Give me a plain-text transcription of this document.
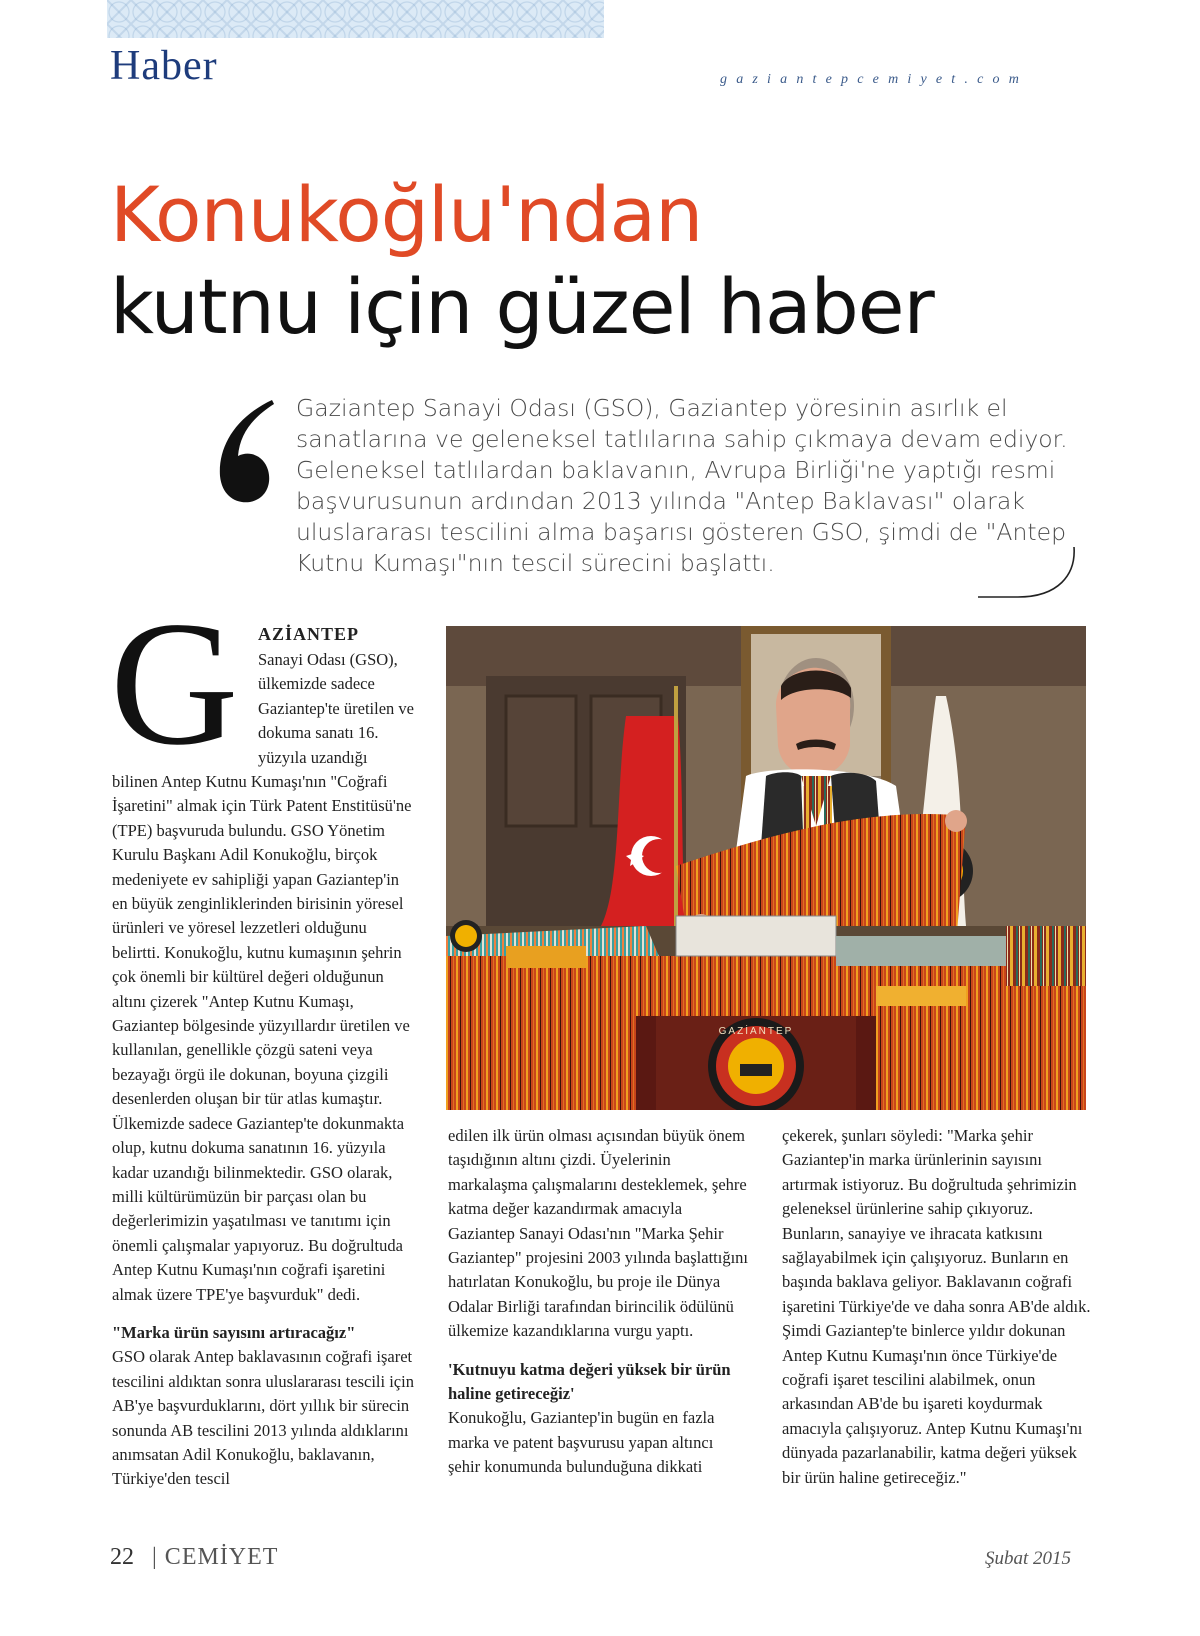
Haber	gaziantepcemiyet.com
Konukoğlu'ndan
kutnu için güzel haber
Gaziantep Sanayi Odası (GSO), Gaziantep yöresinin asırlık el sanatlarına ve geleneksel tatlılarına sahip çıkmaya devam ediyor. Geleneksel tatlılardan baklavanın, Avrupa Birliği'ne yaptığı resmi başvurusunun ardından 2013 yılında "Antep Baklavası" olarak uluslararası tescilini alma başarısı gösteren GSO, şimdi de "Antep Kutnu Kumaşı"nın tescil sürecini başlattı.
G AZİANTEP

Sanayi Odası (GSO), ülkemizde sadece Gaziantep'te üretilen ve dokuma sanatı 16. yüzyıla uzandığı

bilinen Antep Kutnu Kumaşı'nın "Coğrafi İşaretini" almak için Türk Patent Enstitüsü'ne (TPE) başvuruda bulundu. GSO Yönetim Kurulu Başkanı Adil Konukoğlu, birçok medeniyete ev sahipliği yapan Gaziantep'in en büyük zenginliklerinden birisinin yöresel ürünleri ve yöresel lezzetleri olduğunu belirtti. Konukoğlu, kutnu kumaşının şehrin çok önemli bir kültürel değeri olduğunun altını çizerek "Antep Kutnu Kumaşı, Gaziantep bölgesinde yüzyıllardır üretilen ve kullanılan, genellikle çözgü sateni veya bezayağı örgü ile dokunan, boyuna çizgili desenlerden oluşan bir tür atlas kumaştır. Ülkemizde sadece Gaziantep'te dokunmakta olup, kutnu dokuma sanatının 16. yüzyıla kadar uzandığı bilinmektedir. GSO olarak, milli kültürümüzün bir parçası olan bu değerlerimizin yaşatılması ve tanıtımı için önemli çalışmalar yapıyoruz. Bu doğrultuda Antep Kutnu Kumaşı'nın coğrafi işaretini almak üzere TPE'ye başvurduk" dedi.

"Marka ürün sayısını artıracağız"

GSO olarak Antep baklavasının coğrafi işaret tescilini aldıktan sonra uluslararası tescili için AB'ye başvurduklarını, dört yıllık bir sürecin sonunda AB tescilini 2013 yılında aldıklarını anımsatan Adil Konukoğlu, baklavanın, Türkiye'den tescil

GAZİANTEP

edilen ilk ürün olması açısından büyük önem taşıdığının altını çizdi. Üyelerinin markalaşma çalışmalarını desteklemek, şehre katma değer kazandırmak amacıyla Gaziantep Sanayi Odası'nın "Marka Şehir Gaziantep" projesini 2003 yılında başlattığını hatırlatan Konukoğlu, bu proje ile Dünya Odalar Birliği tarafından birincilik ödülünü ülkemize kazandıklarına vurgu yaptı.

'Kutnuyu katma değeri yüksek bir ürün haline getireceğiz'

Konukoğlu, Gaziantep'in bugün en fazla marka ve patent başvurusu yapan altıncı şehir konumunda bulunduğuna dikkati

çekerek, şunları söyledi: "Marka şehir Gaziantep'in marka ürünlerinin sayısını artırmak istiyoruz. Bu doğrultuda şehrimizin geleneksel ürünlerine sahip çıkıyoruz. Bunların, sanayiye ve ihracata katkısını sağlayabilmek için çalışıyoruz. Bunların en başında baklava geliyor. Baklavanın coğrafi işaretini Türkiye'de ve daha sonra AB'de aldık. Şimdi Gaziantep'te binlerce yıldır dokunan Antep Kutnu Kumaşı'nın önce Türkiye'de coğrafi işaret tescilini alabilmek, onun arkasından AB'de bu işareti koydurmak amacıyla çalışıyoruz. Antep Kutnu Kumaşı'nı dünyada pazarlanabilir, katma değeri yüksek bir ürün haline getireceğiz."

22 | CEMİYET	Şubat 2015
